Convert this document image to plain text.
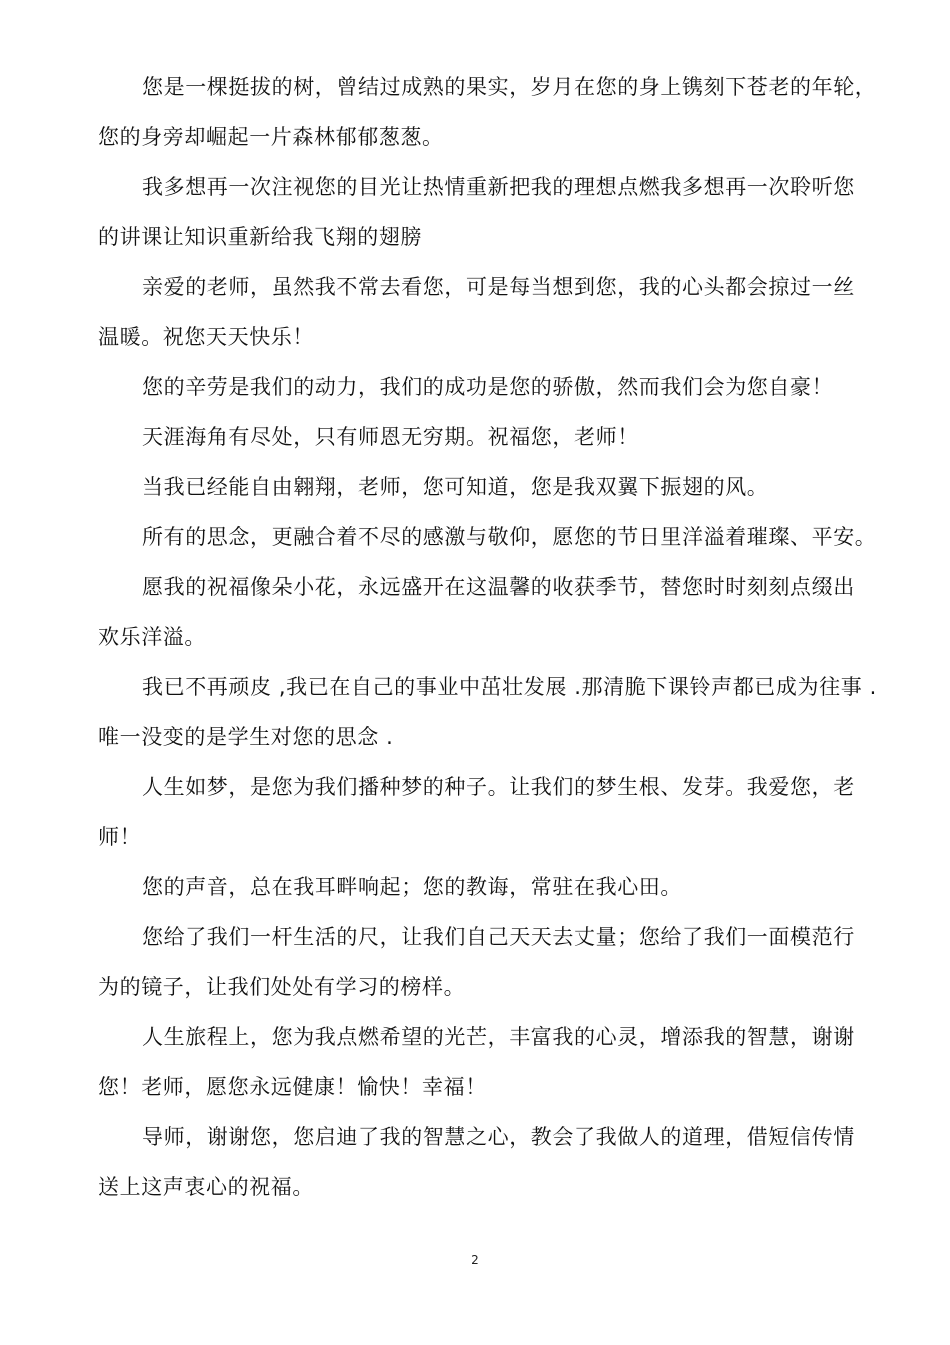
您是一棵挺拔的树，曾结过成熟的果实，岁月在您的身上镌刻下苍老的年轮，
您的身旁却崛起一片森林郁郁葱葱。
我多想再一次注视您的目光让热情重新把我的理想点燃我多想再一次聆听您
的讲课让知识重新给我飞翔的翅膀
亲爱的老师，虽然我不常去看您，可是每当想到您，我的心头都会掠过一丝
温暖。祝您天天快乐！
您的辛劳是我们的动力，我们的成功是您的骄傲，然而我们会为您自豪！
天涯海角有尽处，只有师恩无穷期。祝福您，老师！
当我已经能自由翱翔，老师，您可知道，您是我双翼下振翅的风。
所有的思念，更融合着不尽的感激与敬仰，愿您的节日里洋溢着璀璨、平安。
愿我的祝福像朵小花，永远盛开在这温馨的收获季节，替您时时刻刻点缀出
欢乐洋溢。
我已不再顽皮 ,我已在自己的事业中茁壮发展 .那清脆下课铃声都已成为往事 .
唯一没变的是学生对您的思念 .
人生如梦，是您为我们播种梦的种子。让我们的梦生根、发芽。我爱您，老
师！
您的声音，总在我耳畔响起；您的教诲，常驻在我心田。
您给了我们一杆生活的尺，让我们自己天天去丈量；您给了我们一面模范行
为的镜子，让我们处处有学习的榜样。
人生旅程上，您为我点燃希望的光芒，丰富我的心灵，增添我的智慧，谢谢
您！老师，愿您永远健康！愉快！幸福！
导师，谢谢您，您启迪了我的智慧之心，教会了我做人的道理，借短信传情
送上这声衷心的祝福。
2
